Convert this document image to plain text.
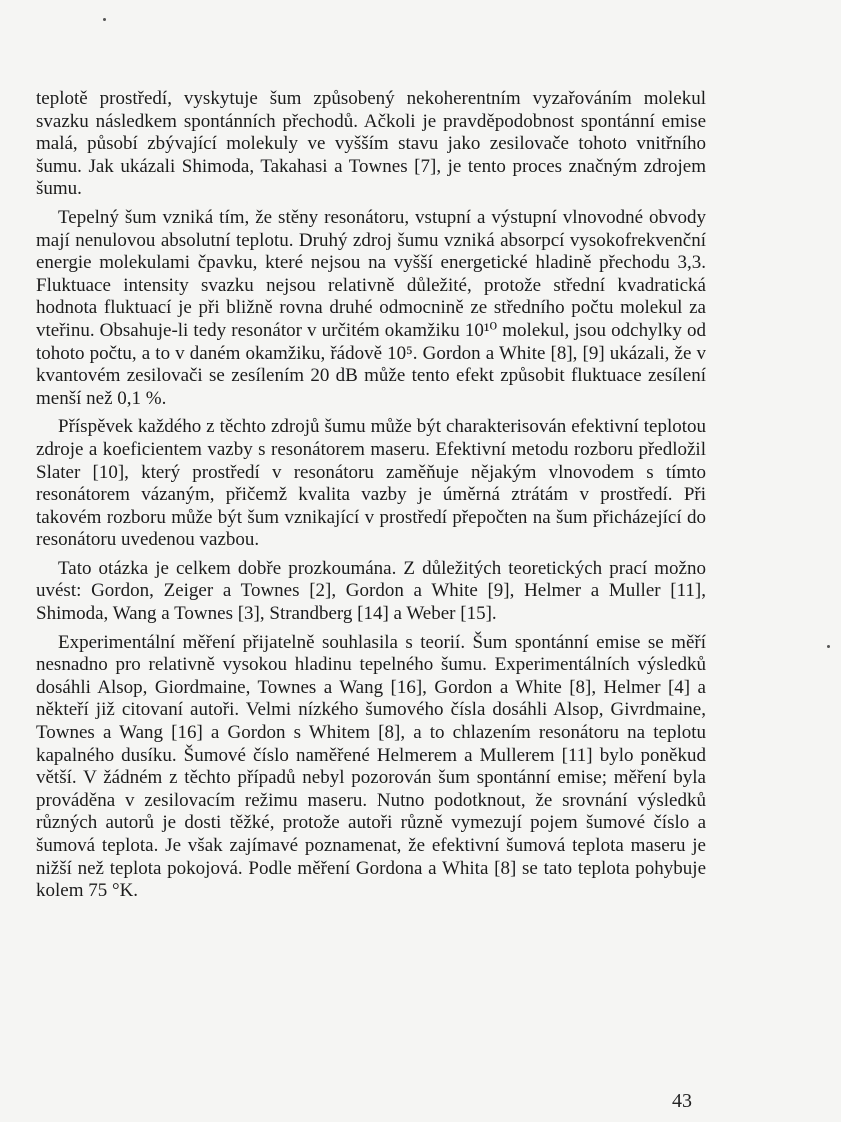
teplotě prostředí, vyskytuje šum způsobený nekoherentním vyzařováním molekul svazku následkem spontánních přechodů. Ačkoli je pravděpodobnost spontánní emise malá, působí zbývající molekuly ve vyšším stavu jako zesilovače tohoto vnitřního šumu. Jak ukázali Shimoda, Takahasi a Townes [7], je tento proces značným zdrojem šumu.

Tepelný šum vzniká tím, že stěny resonátoru, vstupní a výstupní vlnovodné obvody mají nenulovou absolutní teplotu. Druhý zdroj šumu vzniká absorpcí vysokofrekvenční energie molekulami čpavku, které nejsou na vyšší energetické hladině přechodu 3,3. Fluktuace intensity svazku nejsou relativně důležité, protože střední kvadratická hodnota fluktuací je při bližně rovna druhé odmocnině ze středního počtu molekul za vteřinu. Obsahuje-li tedy resonátor v určitém okamžiku 10¹⁰ molekul, jsou odchylky od tohoto počtu, a to v daném okamžiku, řádově 10⁵. Gordon a White [8], [9] ukázali, že v kvantovém zesilovači se zesílením 20 dB může tento efekt způsobit fluktuace zesílení menší než 0,1 %.

Příspěvek každého z těchto zdrojů šumu může být charakterisován efektivní teplotou zdroje a koeficientem vazby s resonátorem maseru. Efektivní metodu rozboru předložil Slater [10], který prostředí v resonátoru zaměňuje nějakým vlnovodem s tímto resonátorem vázaným, přičemž kvalita vazby je úměrná ztrátám v prostředí. Při takovém rozboru může být šum vznikající v prostředí přepočten na šum přicházející do resonátoru uvedenou vazbou.

Tato otázka je celkem dobře prozkoumána. Z důležitých teoretických prací možno uvést: Gordon, Zeiger a Townes [2], Gordon a White [9], Helmer a Muller [11], Shimoda, Wang a Townes [3], Strandberg [14] a Weber [15].

Experimentální měření přijatelně souhlasila s teorií. Šum spontánní emise se měří nesnadno pro relativně vysokou hladinu tepelného šumu. Experimentálních výsledků dosáhli Alsop, Giordmaine, Townes a Wang [16], Gordon a White [8], Helmer [4] a někteří již citovaní autoři. Velmi nízkého šumového čísla dosáhli Alsop, Givrdmaine, Townes a Wang [16] a Gordon s Whitem [8], a to chlazením resonátoru na teplotu kapalného dusíku. Šumové číslo naměřené Helmerem a Mullerem [11] bylo poněkud větší. V žádném z těchto případů nebyl pozorován šum spontánní emise; měření byla prováděna v zesilovacím režimu maseru. Nutno podotknout, že srovnání výsledků různých autorů je dosti těžké, protože autoři různě vymezují pojem šumové číslo a šumová teplota. Je však zajímavé poznamenat, že efektivní šumová teplota maseru je nižší než teplota pokojová. Podle měření Gordona a Whita [8] se tato teplota pohybuje kolem 75 °K.

43
